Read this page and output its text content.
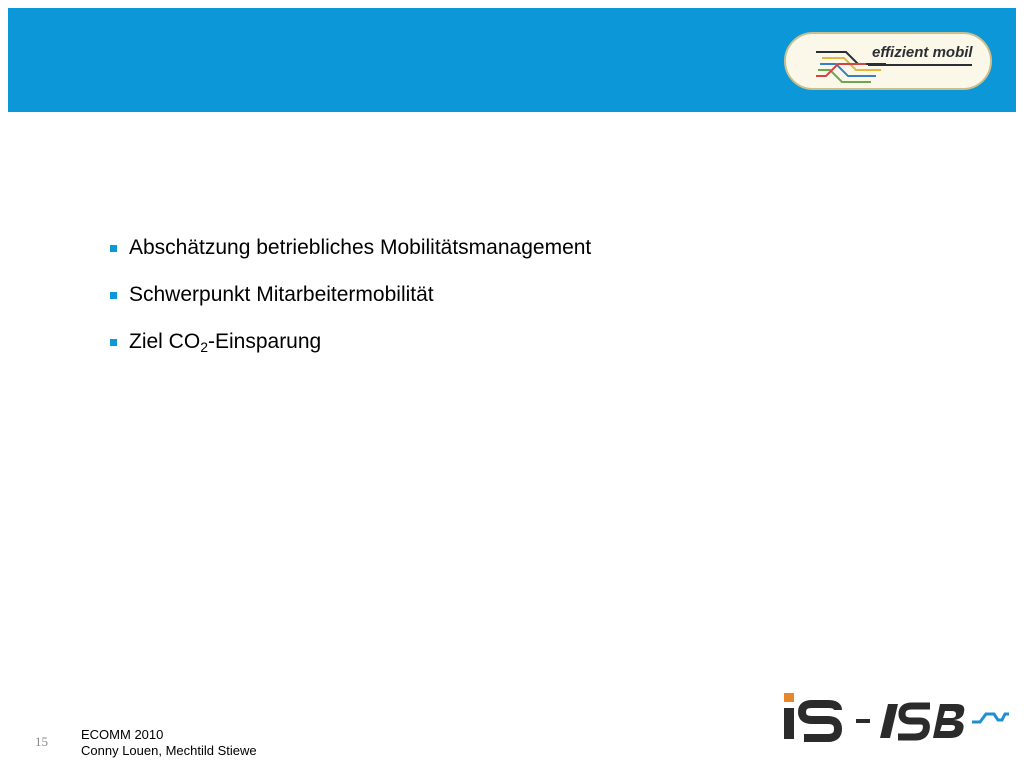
effizient mobil
Abschätzung betriebliches Mobilitätsmanagement
Schwerpunkt Mitarbeitermobilität
Ziel $CO_2$-Einsparung
15	ECOMM 2010
Conny Louen, Mechtild Stiewe
